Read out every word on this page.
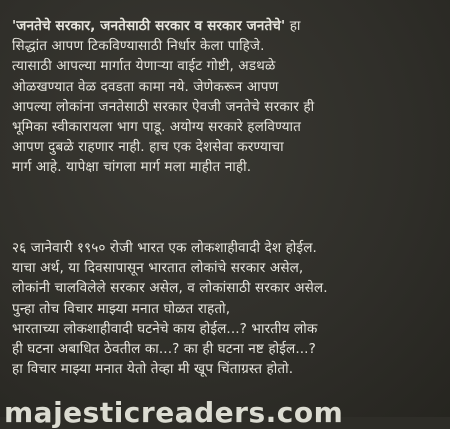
'जनतेचे सरकार, जनतेसाठी सरकार व सरकार जनतेचे' हा
सिद्धांत आपण टिकविण्यासाठी निर्धार केला पाहिजे.
त्यासाठी आपल्या मार्गात येणाऱ्या वाईट गोष्टी, अडथळे
ओळखण्यात वेळ दवडता कामा नये. जेणेकरून आपण
आपल्या लोकांना जनतेसाठी सरकार ऐवजी जनतेचे सरकार ही
भूमिका स्वीकारायला भाग पाडू. अयोग्य सरकारे हलविण्यात
आपण दुबळे राहणार नाही. हाच एक देशसेवा करण्याचा
मार्ग आहे. यापेक्षा चांगला मार्ग मला माहीत नाही.
२६ जानेवारी १९५० रोजी भारत एक लोकशाहीवादी देश होईल.
याचा अर्थ, या दिवसापासून भारतात लोकांचे सरकार असेल,
लोकांनी चालविलेले सरकार असेल, व लोकांसाठी सरकार असेल.
पुन्हा तोच विचार माझ्या मनात घोळत राहतो,
भारताच्या लोकशाहीवादी घटनेचे काय होईल...? भारतीय लोक
ही घटना अबाधित ठेवतील का...? का ही घटना नष्ट होईल...?
हा विचार माझ्या मनात येतो तेव्हा मी खूप चिंताग्रस्त होतो.
majesticreaders.com
